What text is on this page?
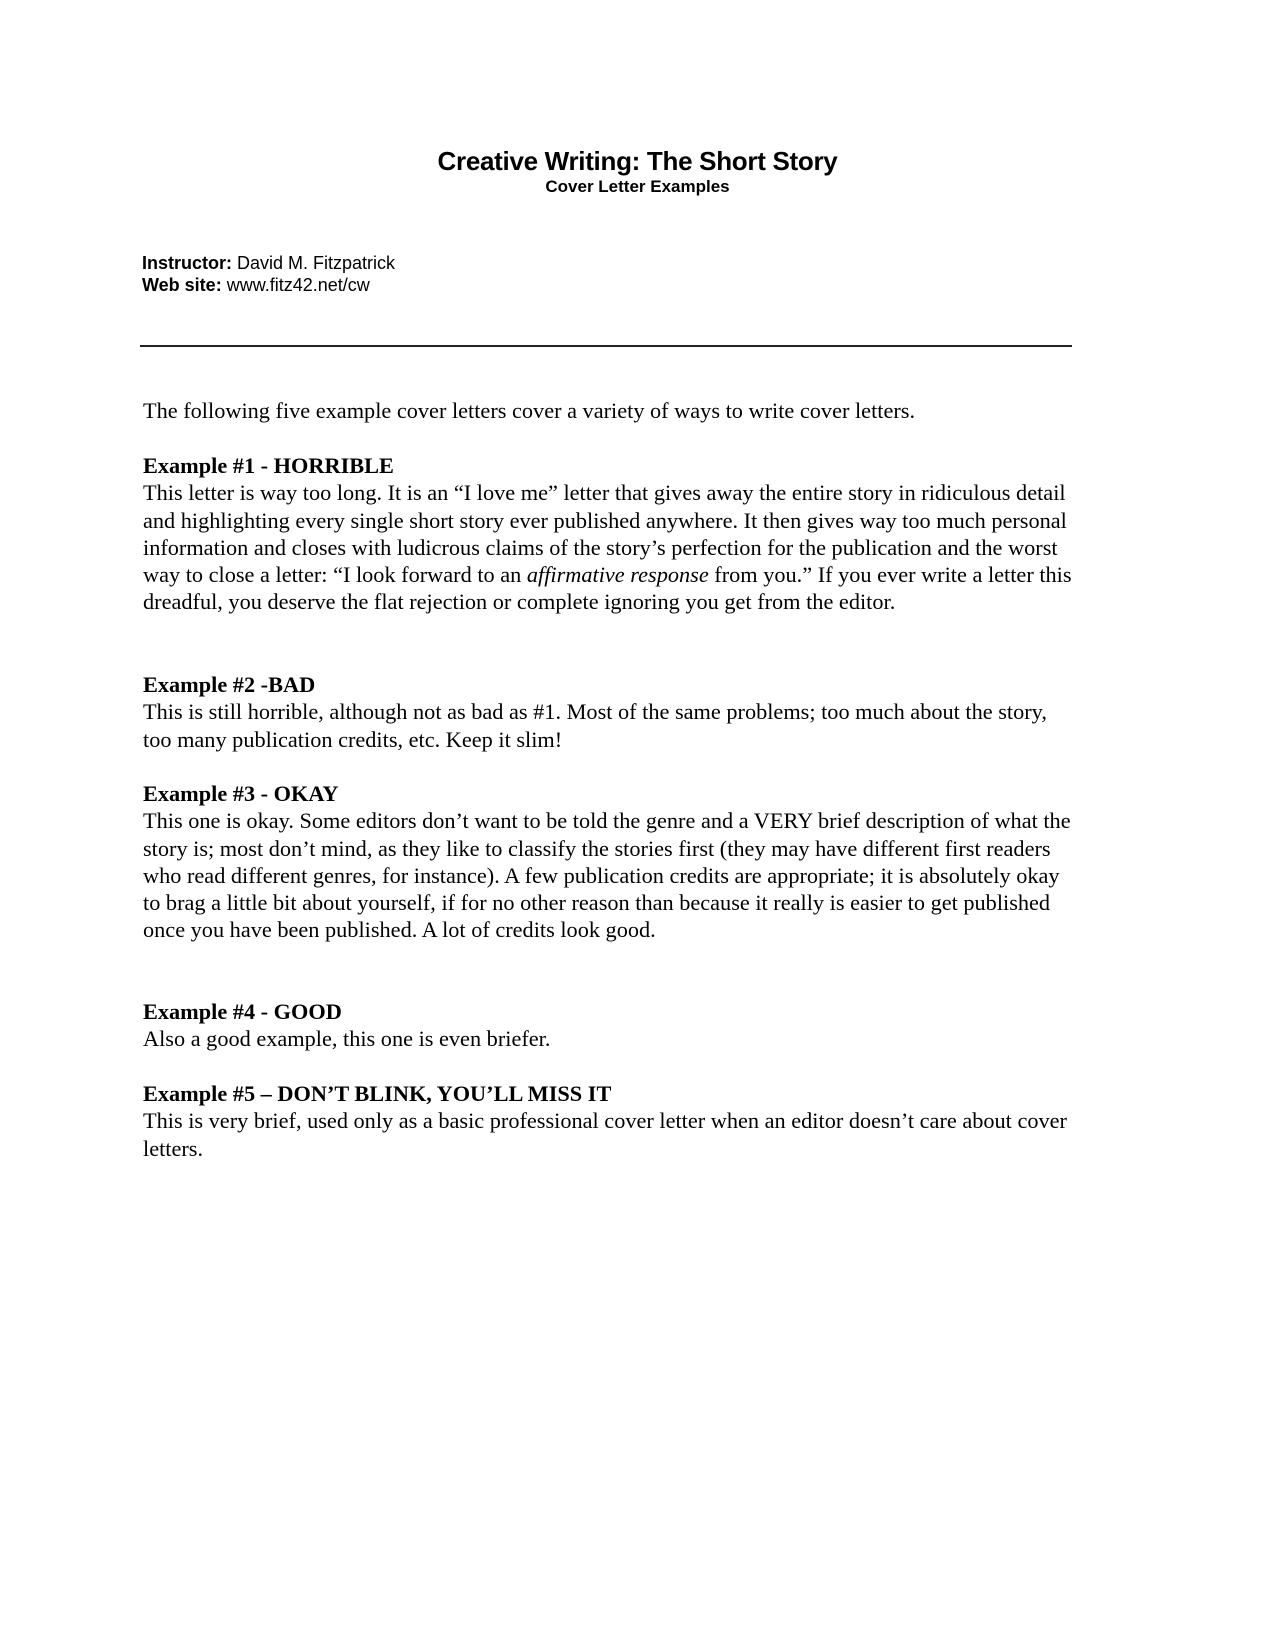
Creative Writing: The Short Story
Cover Letter Examples
Instructor: David M. Fitzpatrick
Web site: www.fitz42.net/cw

The following five example cover letters cover a variety of ways to write cover letters.

Example #1 - HORRIBLE

This letter is way too long. It is an “I love me” letter that gives away the entire story in ridiculous detail and highlighting every single short story ever published anywhere. It then gives way too much personal information and closes with ludicrous claims of the story’s perfection for the publication and the worst way to close a letter: “I look forward to an affirmative response from you.” If you ever write a letter this dreadful, you deserve the flat rejection or complete ignoring you get from the editor.

Example #2 -BAD

This is still horrible, although not as bad as #1. Most of the same problems; too much about the story, too many publication credits, etc. Keep it slim!

Example #3 - OKAY

This one is okay. Some editors don’t want to be told the genre and a VERY brief description of what the story is; most don’t mind, as they like to classify the stories first (they may have different first readers who read different genres, for instance). A few publication credits are appropriate; it is absolutely okay to brag a little bit about yourself, if for no other reason than because it really is easier to get published once you have been published. A lot of credits look good.

Example #4 - GOOD

Also a good example, this one is even briefer.

Example #5 – DON’T BLINK, YOU’LL MISS IT

This is very brief, used only as a basic professional cover letter when an editor doesn’t care about cover letters.
